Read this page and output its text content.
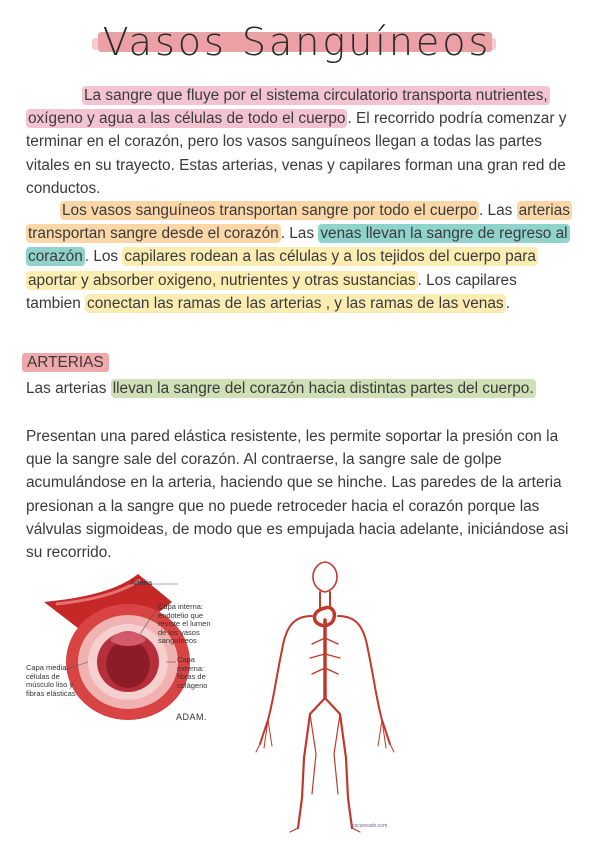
Vasos Sanguíneos

La sangre que fluye por el sistema circulatorio transporta nutrientes, oxígeno y agua a las células de todo el cuerpo . El recorrido podría comenzar y terminar en el corazón, pero los vasos sanguíneos llegan a todas las partes vitales en su trayecto. Estas arterias, venas y capilares forman una gran red de conductos.

Los vasos sanguíneos transportan sangre por todo el cuerpo . Las arterias transportan sangre desde el corazón . Las venas llevan la sangre de regreso al corazón . Los capilares rodean a las células y a los tejidos del cuerpo para aportar y absorber oxigeno, nutrientes y otras sustancias . Los capilares tambien conectan las ramas de las arterias , y las ramas de las venas .

ARTERIAS

Las arterias llevan la sangre del corazón hacia distintas partes del cuerpo.

Presentan una pared elástica resistente, les permite soportar la presión con la que la sangre sale del corazón. Al contraerse, la sangre sale de golpe acumulándose en la arteria, haciendo que se hinche. Las paredes de la arteria presionan a la sangre que no puede retroceder hacia el corazón porque las válvulas sigmoideas, de modo que es empujada hacia adelante, iniciándose asi su recorrido.

Arteria
Capa interna: endotelio que reviste el lumen de los vasos sanguíneos
Capa media: células de músculo liso y fibras elásticas
Capa externa: fibras de colágeno
ADAM.
*escaneado.com
